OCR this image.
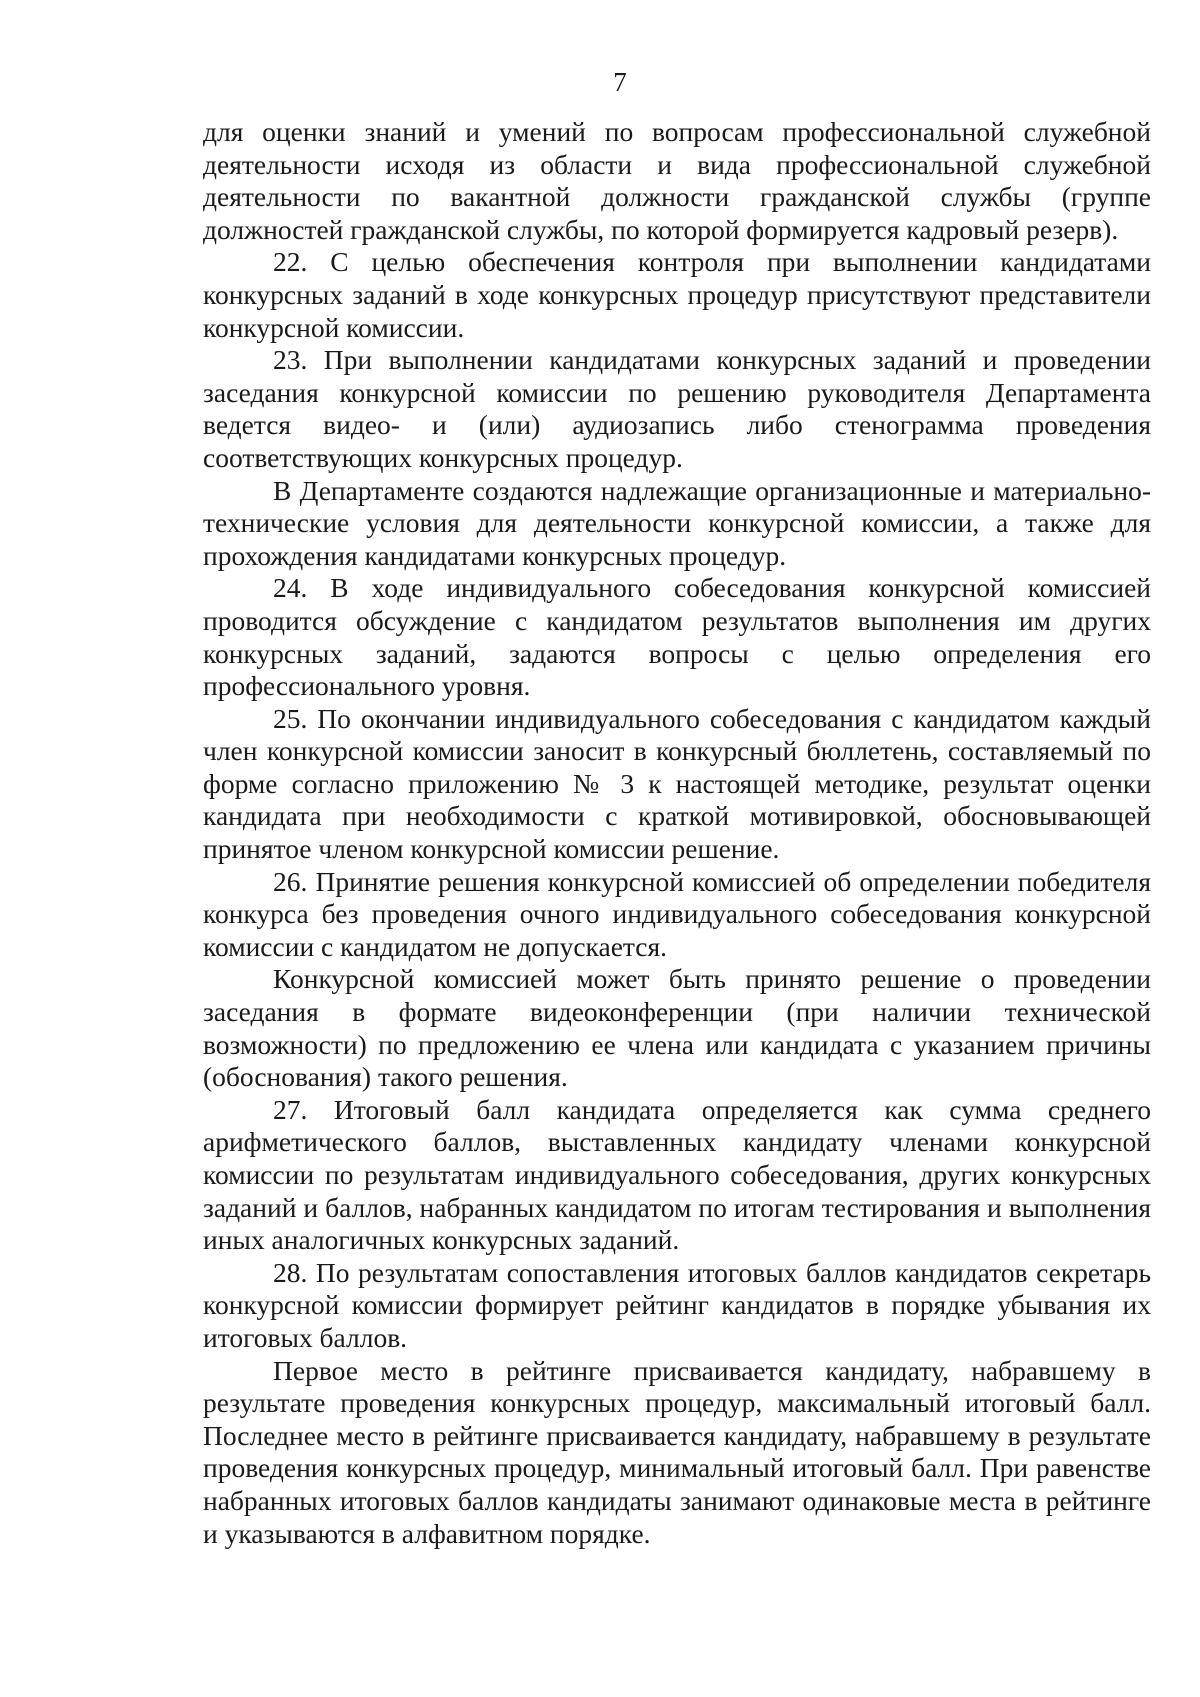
7

для оценки знаний и умений по вопросам профессиональной служебной деятельности исходя из области и вида профессиональной служебной деятельности по вакантной должности гражданской службы (группе должностей гражданской службы, по которой формируется кадровый резерв).

22. С целью обеспечения контроля при выполнении кандидатами конкурсных заданий в ходе конкурсных процедур присутствуют представители конкурсной комиссии.

23. При выполнении кандидатами конкурсных заданий и проведении заседания конкурсной комиссии по решению руководителя Департамента ведется видео- и (или) аудиозапись либо стенограмма проведения соответствующих конкурсных процедур.

В Департаменте создаются надлежащие организационные и материально-технические условия для деятельности конкурсной комиссии, а также для прохождения кандидатами конкурсных процедур.

24. В ходе индивидуального собеседования конкурсной комиссией проводится обсуждение с кандидатом результатов выполнения им других конкурсных заданий, задаются вопросы с целью определения его профессионального уровня.

25. По окончании индивидуального собеседования с кандидатом каждый член конкурсной комиссии заносит в конкурсный бюллетень, составляемый по форме согласно приложению № 3 к настоящей методике, результат оценки кандидата при необходимости с краткой мотивировкой, обосновывающей принятое членом конкурсной комиссии решение.

26. Принятие решения конкурсной комиссией об определении победителя конкурса без проведения очного индивидуального собеседования конкурсной комиссии с кандидатом не допускается.

Конкурсной комиссией может быть принято решение о проведении заседания в формате видеоконференции (при наличии технической возможности) по предложению ее члена или кандидата с указанием причины (обоснования) такого решения.

27. Итоговый балл кандидата определяется как сумма среднего арифметического баллов, выставленных кандидату членами конкурсной комиссии по результатам индивидуального собеседования, других конкурсных заданий и баллов, набранных кандидатом по итогам тестирования и выполнения иных аналогичных конкурсных заданий.

28. По результатам сопоставления итоговых баллов кандидатов секретарь конкурсной комиссии формирует рейтинг кандидатов в порядке убывания их итоговых баллов.

Первое место в рейтинге присваивается кандидату, набравшему в результате проведения конкурсных процедур, максимальный итоговый балл. Последнее место в рейтинге присваивается кандидату, набравшему в результате проведения конкурсных процедур, минимальный итоговый балл. При равенстве набранных итоговых баллов кандидаты занимают одинаковые места в рейтинге и указываются в алфавитном порядке.
